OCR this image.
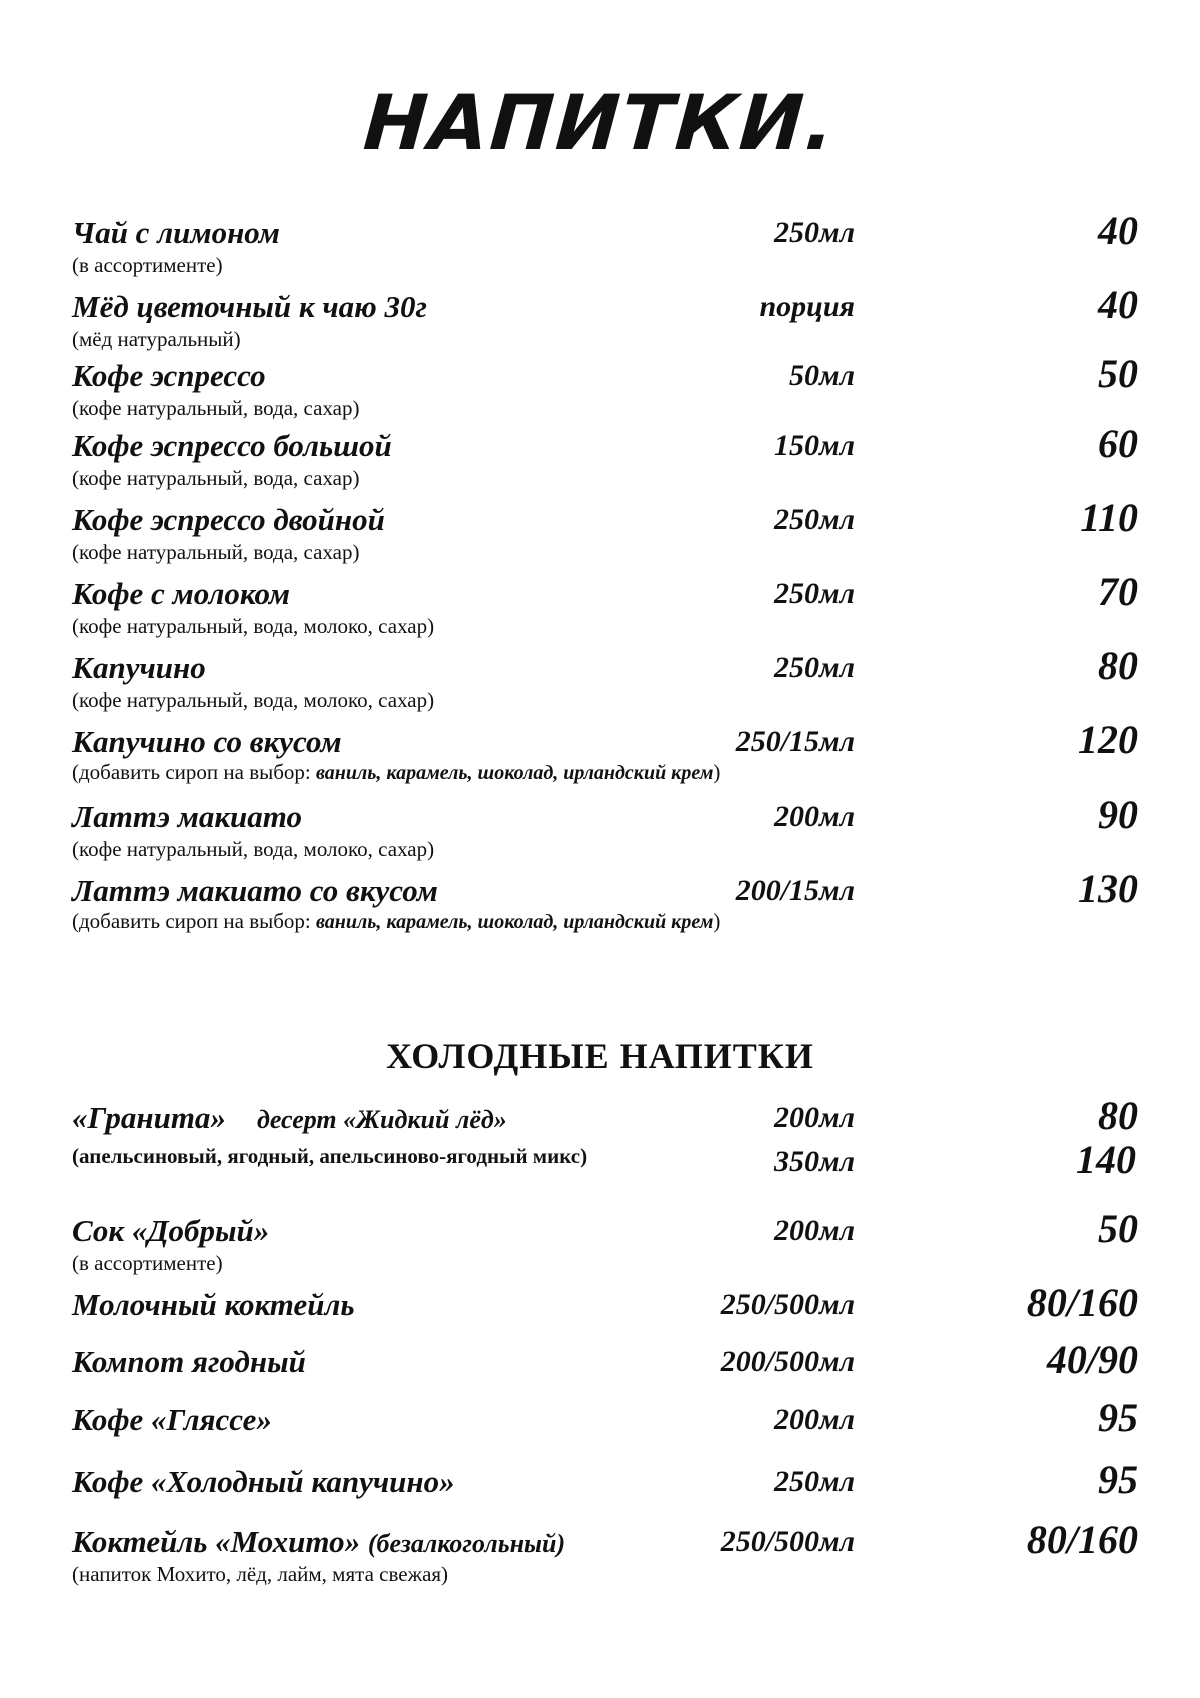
НАПИТКИ.
Чай с лимоном
(в ассортименте)
250мл	40
Мёд цветочный к чаю 30г
(мёд натуральный)
порция	40
Кофе эспрессо
(кофе натуральный, вода, сахар)
50мл	50
Кофе эспрессо большой
(кофе натуральный, вода, сахар)
150мл	60
Кофе эспрессо двойной
(кофе натуральный, вода, сахар)
250мл	110
Кофе с молоком
(кофе натуральный, вода, молоко, сахар)
250мл	70
Капучино
(кофе натуральный, вода, молоко, сахар)
250мл	80
Капучино со вкусом
(добавить сироп на выбор: ваниль, карамель, шоколад, ирландский крем)
250/15мл	120
Латтэ макиато
(кофе натуральный, вода, молоко, сахар)
200мл	90
Латтэ макиато со вкусом
(добавить сироп на выбор: ваниль, карамель, шоколад, ирландский крем)
200/15мл	130
ХОЛОДНЫЕ НАПИТКИ
«Гранита» десерт «Жидкий лёд»
(апельсиновый, ягодный, апельсиново-ягодный микс)
200мл	80
350мл	140
Сок «Добрый»
(в ассортименте)
200мл	50
Молочный коктейль	250/500мл	80/160
Компот ягодный	200/500мл	40/90
Кофе «Гляссе»	200мл	95
Кофе «Холодный капучино»	250мл	95
Коктейль «Мохито» (безалкогольный)
(напиток Мохито, лёд, лайм, мята свежая)
250/500мл	80/160
